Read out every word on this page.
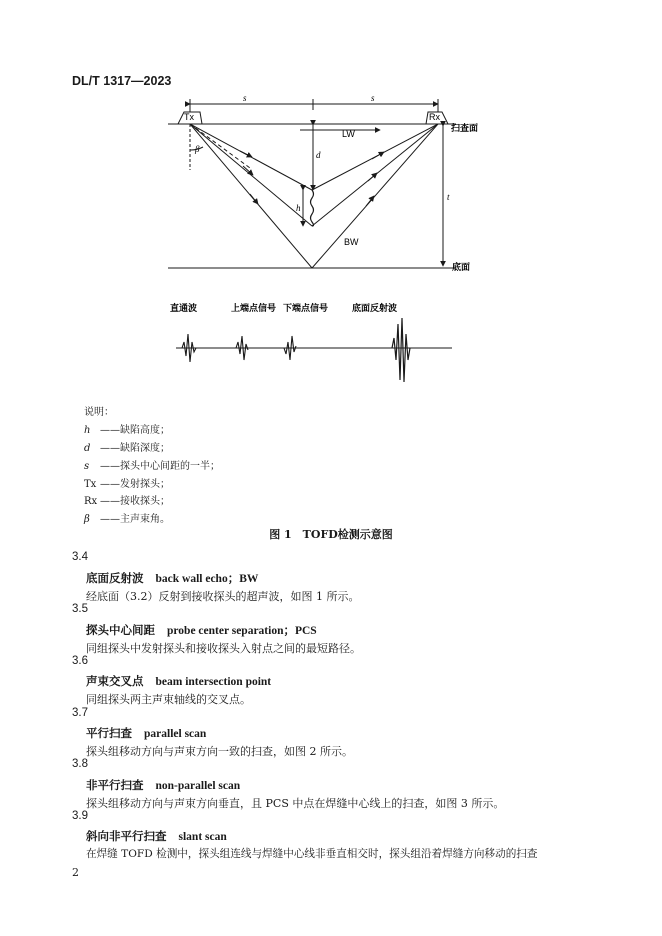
DL/T 1317—2023
Tx	Rx
s	s
LW
d
h
β
BW
t
扫查面
底面
直通波	上端点信号 下端点信号	底面反射波
说明：
h ——缺陷高度；
d ——缺陷深度；
s ——探头中心间距的一半；
Tx ——发射探头；
Rx ——接收探头；
β ——主声束角。
图 1　TOFD检测示意图
3.4
底面反射波 back wall echo；BW
经底面（3.2）反射到接收探头的超声波，如图 1 所示。
3.5
探头中心间距 probe center separation；PCS
同组探头中发射探头和接收探头入射点之间的最短路径。
3.6
声束交叉点 beam intersection point
同组探头两主声束轴线的交叉点。
3.7
平行扫查 parallel scan
探头组移动方向与声束方向一致的扫查，如图 2 所示。
3.8
非平行扫查 non-parallel scan
探头组移动方向与声束方向垂直，且 PCS 中点在焊缝中心线上的扫查，如图 3 所示。
3.9
斜向非平行扫查 slant scan
在焊缝 TOFD 检测中，探头组连线与焊缝中心线非垂直相交时，探头组沿着焊缝方向移动的扫查
2
